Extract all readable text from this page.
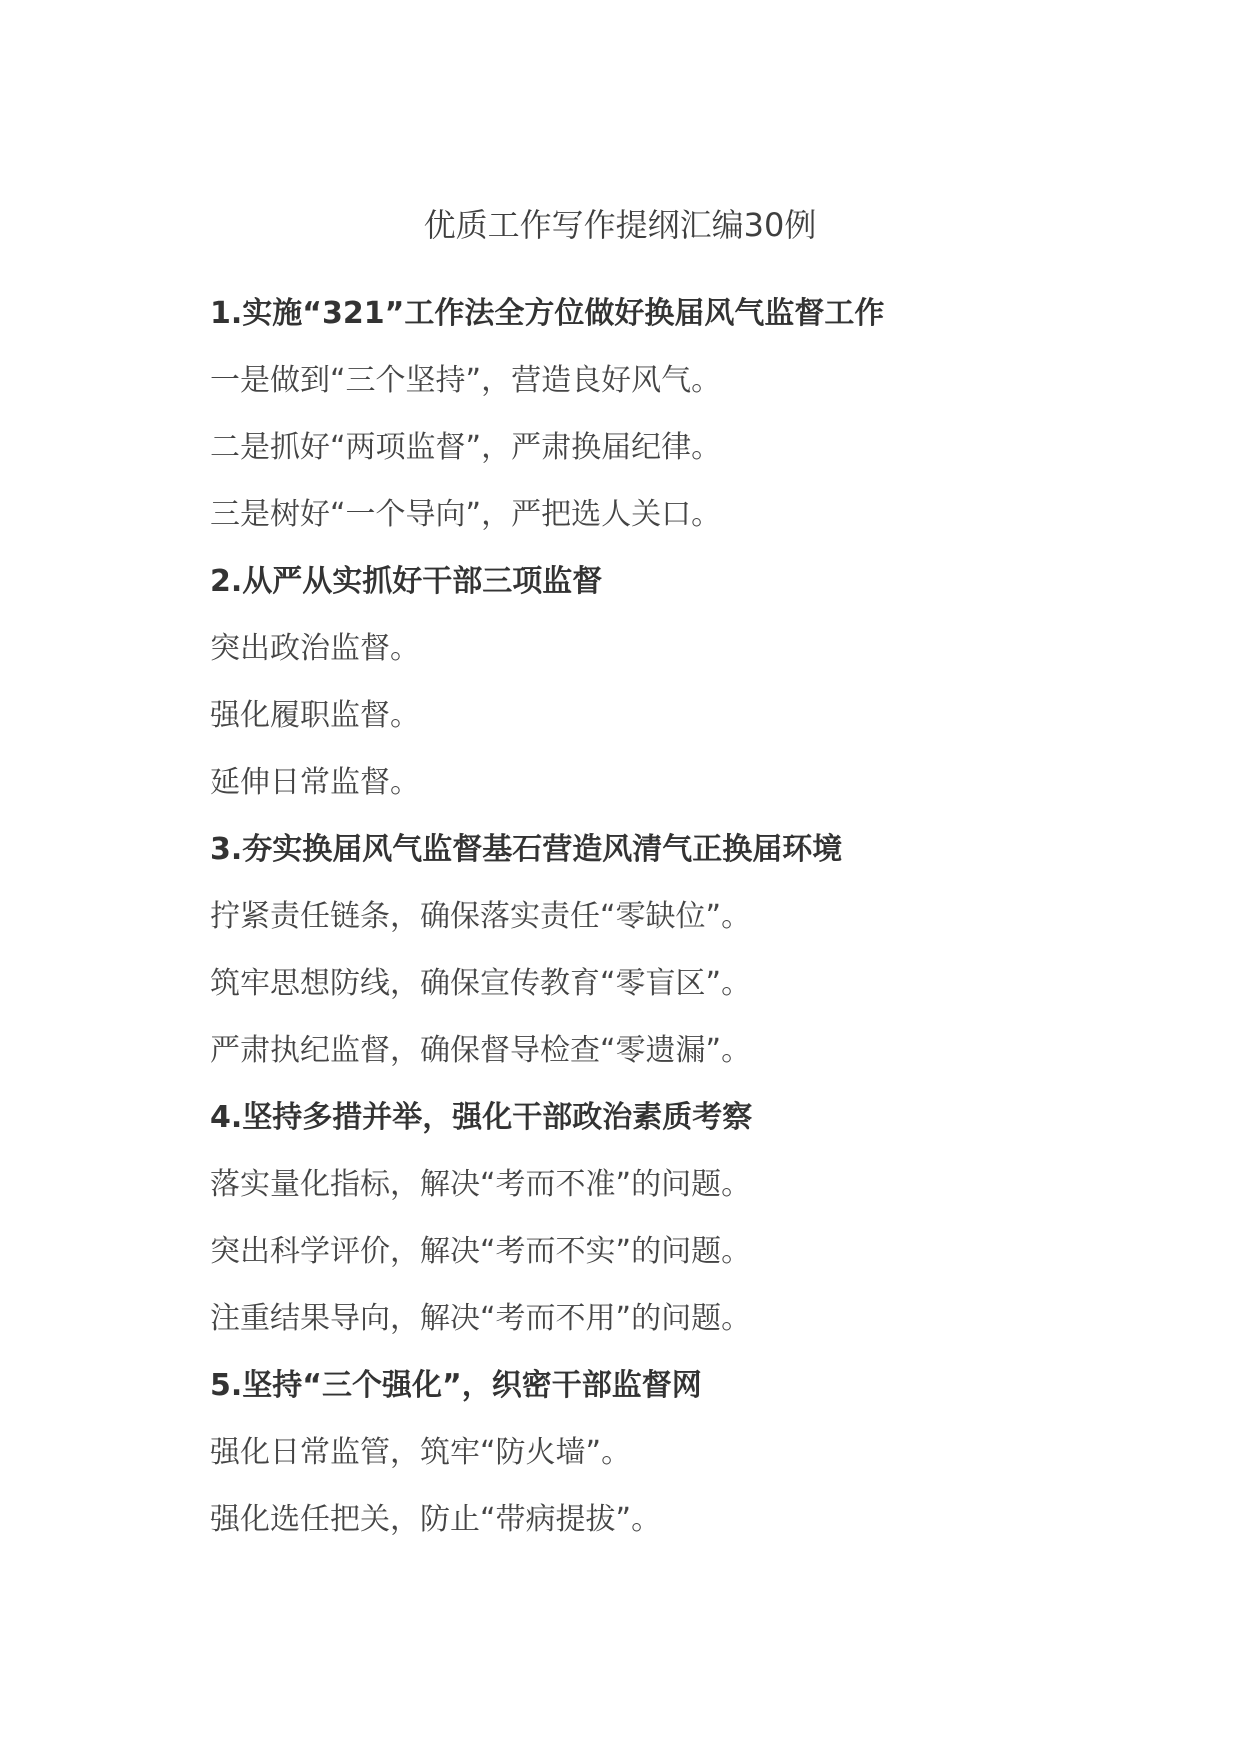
优质工作写作提纲汇编30例

1.实施“321”工作法全方位做好换届风气监督工作

一是做到“三个坚持”，营造良好风气。

二是抓好“两项监督”，严肃换届纪律。

三是树好“一个导向”，严把选人关口。

2.从严从实抓好干部三项监督

突出政治监督。

强化履职监督。

延伸日常监督。

3.夯实换届风气监督基石营造风清气正换届环境

拧紧责任链条，确保落实责任“零缺位”。

筑牢思想防线，确保宣传教育“零盲区”。

严肃执纪监督，确保督导检查“零遗漏”。

4.坚持多措并举，强化干部政治素质考察

落实量化指标，解决“考而不准”的问题。

突出科学评价，解决“考而不实”的问题。

注重结果导向，解决“考而不用”的问题。

5.坚持“三个强化”，织密干部监督网

强化日常监管，筑牢“防火墙”。

强化选任把关，防止“带病提拔”。
